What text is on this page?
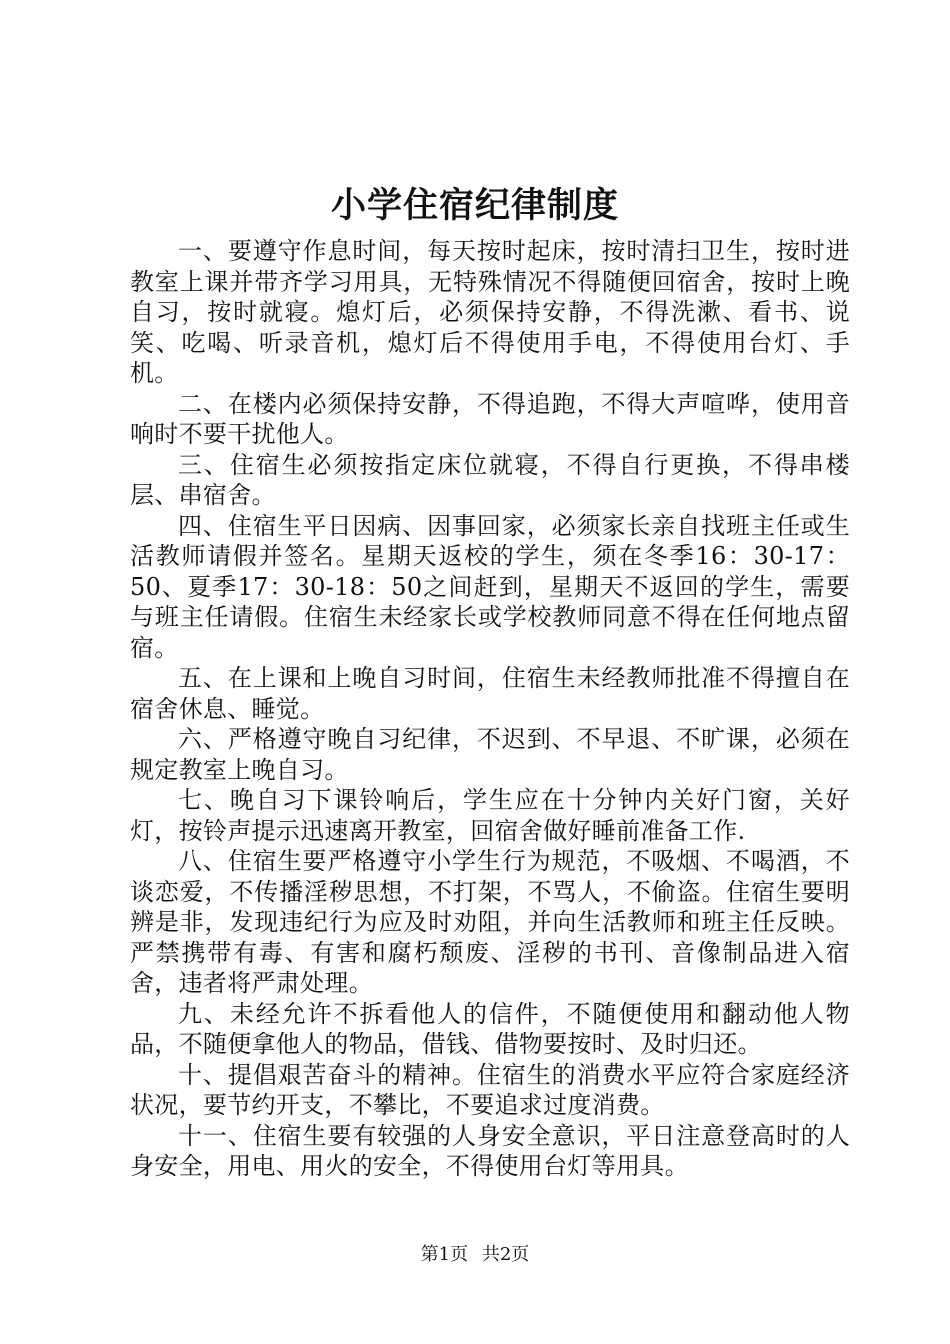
小学住宿纪律制度

一、要遵守作息时间，每天按时起床，按时清扫卫生，按时进教室上课并带齐学习用具，无特殊情况不得随便回宿舍，按时上晚自习，按时就寝。熄灯后，必须保持安静，不得洗漱、看书、说笑、吃喝、听录音机，熄灯后不得使用手电，不得使用台灯、手机。

二、在楼内必须保持安静，不得追跑，不得大声喧哗，使用音响时不要干扰他人。

三、住宿生必须按指定床位就寝，不得自行更换，不得串楼层、串宿舍。

四、住宿生平日因病、因事回家，必须家长亲自找班主任或生活教师请假并签名。星期天返校的学生，须在冬季16：30-17：50、夏季17：30-18：50之间赶到，星期天不返回的学生，需要与班主任请假。住宿生未经家长或学校教师同意不得在任何地点留宿。

五、在上课和上晚自习时间，住宿生未经教师批准不得擅自在宿舍休息、睡觉。

六、严格遵守晚自习纪律，不迟到、不早退、不旷课，必须在规定教室上晚自习。

七、晚自习下课铃响后，学生应在十分钟内关好门窗，关好灯，按铃声提示迅速离开教室，回宿舍做好睡前准备工作.

八、住宿生要严格遵守小学生行为规范，不吸烟、不喝酒，不谈恋爱，不传播淫秽思想，不打架，不骂人，不偷盗。住宿生要明辨是非，发现违纪行为应及时劝阻，并向生活教师和班主任反映。严禁携带有毒、有害和腐朽颓废、淫秽的书刊、音像制品进入宿舍，违者将严肃处理。

九、未经允许不拆看他人的信件，不随便使用和翻动他人物品，不随便拿他人的物品，借钱、借物要按时、及时归还。

十、提倡艰苦奋斗的精神。住宿生的消费水平应符合家庭经济状况，要节约开支，不攀比，不要追求过度消费。

十一、住宿生要有较强的人身安全意识，平日注意登高时的人身安全，用电、用火的安全，不得使用台灯等用具。

第1页 共2页
